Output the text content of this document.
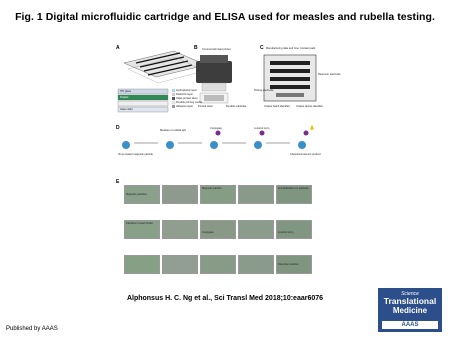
Fig. 1 Digital microfluidic cartridge and ELISA used for measles and rubella testing.
A	B	C
D
E
ITO glass
Droplet
Glass slide
Hydrophobic layer
Dielectric layer
Inkjet-printed silver
Flexible printing media
Adhesive layer
Commercial inkjet printer
Printed silver	Flexible substrate
Manufacturing date and time Contact pads
Reservoir electrode
Driving electrode
Unique batch identifier Unique device identifier
Virus-coated magnetic particle
Measles or rubella IgG
Conjugate	Luminol H₂O₂
Chemiluminescent product
Magnetic particles
Magnetic particle	Immobilization on particles
Particles in wash buffer
Conjugate	Luminol H₂O₂
Detection window
Alphonsus H. C. Ng et al., Sci Transl Med 2018;10:eaar6076
Science
Translational
Medicine
AAAS
Published by AAAS
